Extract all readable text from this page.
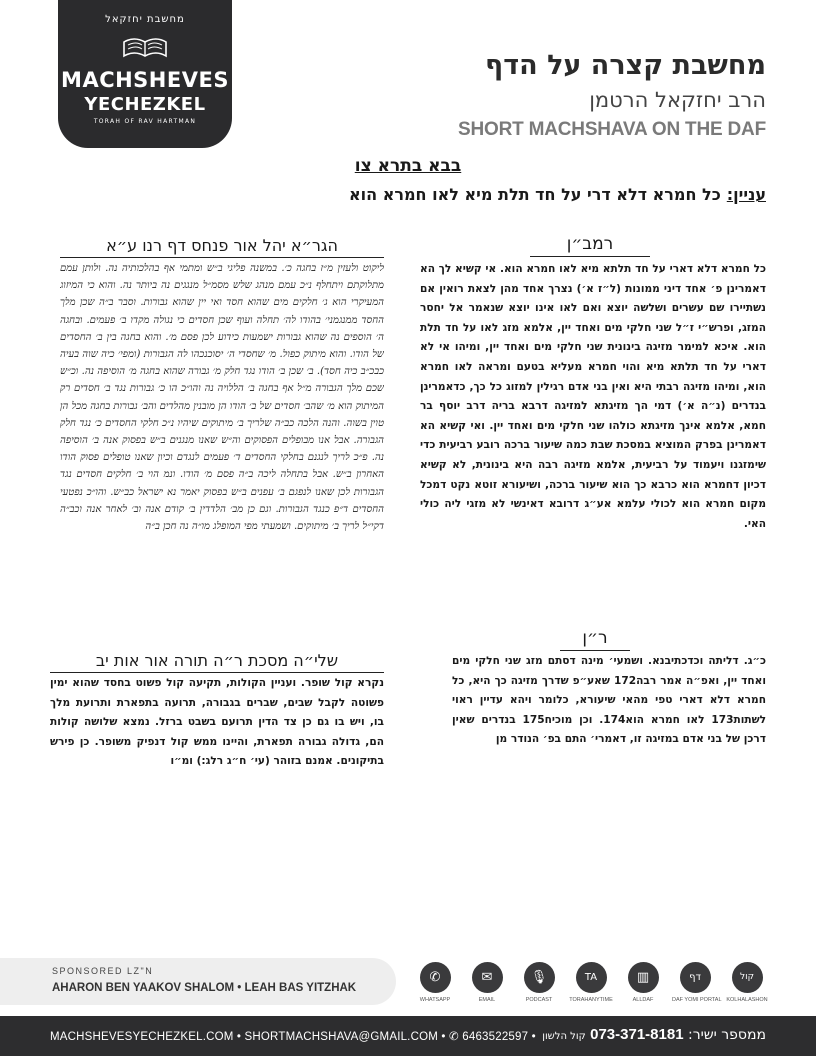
מחשבת יחזקאל
MACHSHEVES
YECHEZKEL
TORAH OF RAV HARTMAN
מחשבת קצרה על הדף
הרב יחזקאל הרטמן
SHORT MACHSHAVA ON THE DAF
בבא בתרא צו
עניין:כל חמרא דלא דרי על חד תלת מיא לאו חמרא הוא
רמב״ן
כל חמרא דלא דארי על חד תלתא מיא לאו חמרא הוא. אי קשיא לך הא דאמרינן פ׳ אחד דיני ממונות (ל״ז א׳) נצרך אחד מהן לצאת רואין אם נשתיירו שם עשרים ושלשה יוצא ואם לאו אינו יוצא שנאמר אל יחסר המזג, ופרש״י ז״ל שני חלקי מים ואחד יין, אלמא מזג לאו על חד תלת הוא. איכא למימר מזיגה בינונית שני חלקי מים ואחד יין, ומיהו אי לא דארי על חד תלתא מיא והוי חמרא מעליא בטעם ומראה לאו חמרא הוא, ומיהו מזיגה רבתי היא ואין בני אדם רגילין למזוג כל כך, כדאמרינן בנדרים (נ״ה א׳) דמי הך מזיגתא למזיגה דרבא בריה דרב יוסף בר חמא, אלמא אינך מזיגתא כולהו שני חלקי מים ואחד יין. ואי קשיא הא דאמרינן בפרק המוציא במסכת שבת כמה שיעור ברכה רובע רביעית כדי שימזגנו ויעמוד על רביעית, אלמא מזיגה רבה היא בינונית, לא קשיא דכיון דחמרא הוא כרבא כך הוא שיעור ברכה, ושיעורא זוטא נקט דמכל מקום חמרא הוא לכולי עלמא אע״ג דרובא דאינשי לא מזגי ליה כולי האי.
הגר״א יהל אור פנחס דף רנו ע״א
ליקוט ולעזין מ״ז בחגה כ׳. במשנה פליגי ב״ש ומתמי אף בהלכותיה נה. ולותן עמם מתלוקתם ויתחלף נ״כ עמם מנהג שלש מסמ״ל מנגגים נה ביותר נה. והוא כי המיזוג המעיקרי הוא ג׳ חלקים מים שהוא חסד ואי יין שהוא גבורות. וסבר ב״ה שכן מלך החסד ממנגמני׳ בהודו לה׳ תחלה ועוף שכן חסדים כי נגולה מקדו ב׳ פעמים. ובחגה ה׳ הוספים נה שהוא גבורות ישמעות כידוע לכן פסם מ׳. והוא בחגה בין ב׳ החסדים של הודו. והוא מיתוק כפול. מ׳ שחסדי ה׳ יסוכנכהו לה הגבורות (ומפי׳ כיה שוה בעיה כבכ״ב כיה חסד). ב׳ שכן ב׳ הודו נגד חלק מ׳ גבורה שהוא בחגה מ׳ הוסיפה נה. וכ״ש שכם מלך הגבורה מ״ל אף בחגה ב׳ הללויה נה והו״כ הו כ׳ גבורות נגד ב׳ חסדים רק המיתוק הוא מ׳ שהב׳ חסדים של ב׳ הודו הן מובנין מהלדים והב׳ גבורות בחגה מכל הן טוין בשוה. והנה הלכה כב״ה שלריך ב׳ מיתוקים שיהיו נ״כ חלקי החסדים כ׳ נגד חלק הגבורה. אבל אנו מבופלים הפסוקים וה״ש שאנו מנגנים ב״ש בפסוק אנה ב׳ הוסיפה נה. פ״כ לריך לנגנם בחלקי החסדים ד׳ פעמים לנגדם וכיון שאנו טופלים פסוק הודו האחרון ב״ש. אבל בתחלה ליכה ב״ה פסם מ׳ הודו. ונמ הוי ב׳ חלקים חסדים נגד הגבורות לכן שאנו לנפגם ב׳ עפנים ב״ש בפסוק יאמר נא ישראל כב״ש. והו״כ נפטעי החסדים ד״פ כנגד הגבורות. וגם כן מב׳ הלדדין ב׳ קודם אנה וב׳ לאחר אנה וכב״ה דקי״ל לריך ב׳ מיתוקים. ושמעתי מפי המופלג מו״ה נה חכן ב״ה
ר״ן
כ״ג. דליתה וכדכתיבנא. ושמעי׳ מינה דסתם מזג שני חלקי מים ואחד יין, ואפ״ה אמר רבה172 שאע״פ שדרך מזיגה כך היא, כל חמרא דלא דארי טפי מהאי שיעורא, כלומר ויהא עדיין ראוי לשתות173 לאו חמרא הוא174. וכן מוכיח175 בנדרים שאין דרכן של בני אדם במזיגה זו, דאמרי׳ התם בפ׳ הנודר מן
שלי״ה מסכת ר״ה תורה אור אות יב
נקרא קול שופר. ועניין הקולות, תקיעה קול פשוט בחסד שהוא ימין פשוטה לקבל שבים, שברים בגבורה, תרועה בתפארת ותרועת מלך בו, ויש בו גם כן צד הדין תרועם בשבט ברזל. נמצא שלושה קולות הם, גדולה גבורה תפארת, והיינו ממש קול דנפיק משופר. כן פירש בתיקונים. אמנם בזוהר (עי׳ ח״ג רלג:) ומ״ו
SPONSORED LZ"N
AHARON BEN YAAKOV SHALOM • LEAH BAS YITZHAK
✆
WHATSAPP
✉
EMAIL
🎙
PODCAST
TA
TORAHANYTIME
▥
ALLDAF
דף
DAF YOMI PORTAL
קול
KOLHALASHON
MACHSHEVESYECHEZKEL.COM • SHORTMACHSHAVA@GMAIL.COM • ✆ 6463522597 •	ממספר ישיר: 073-371-8181 קול הלשון
